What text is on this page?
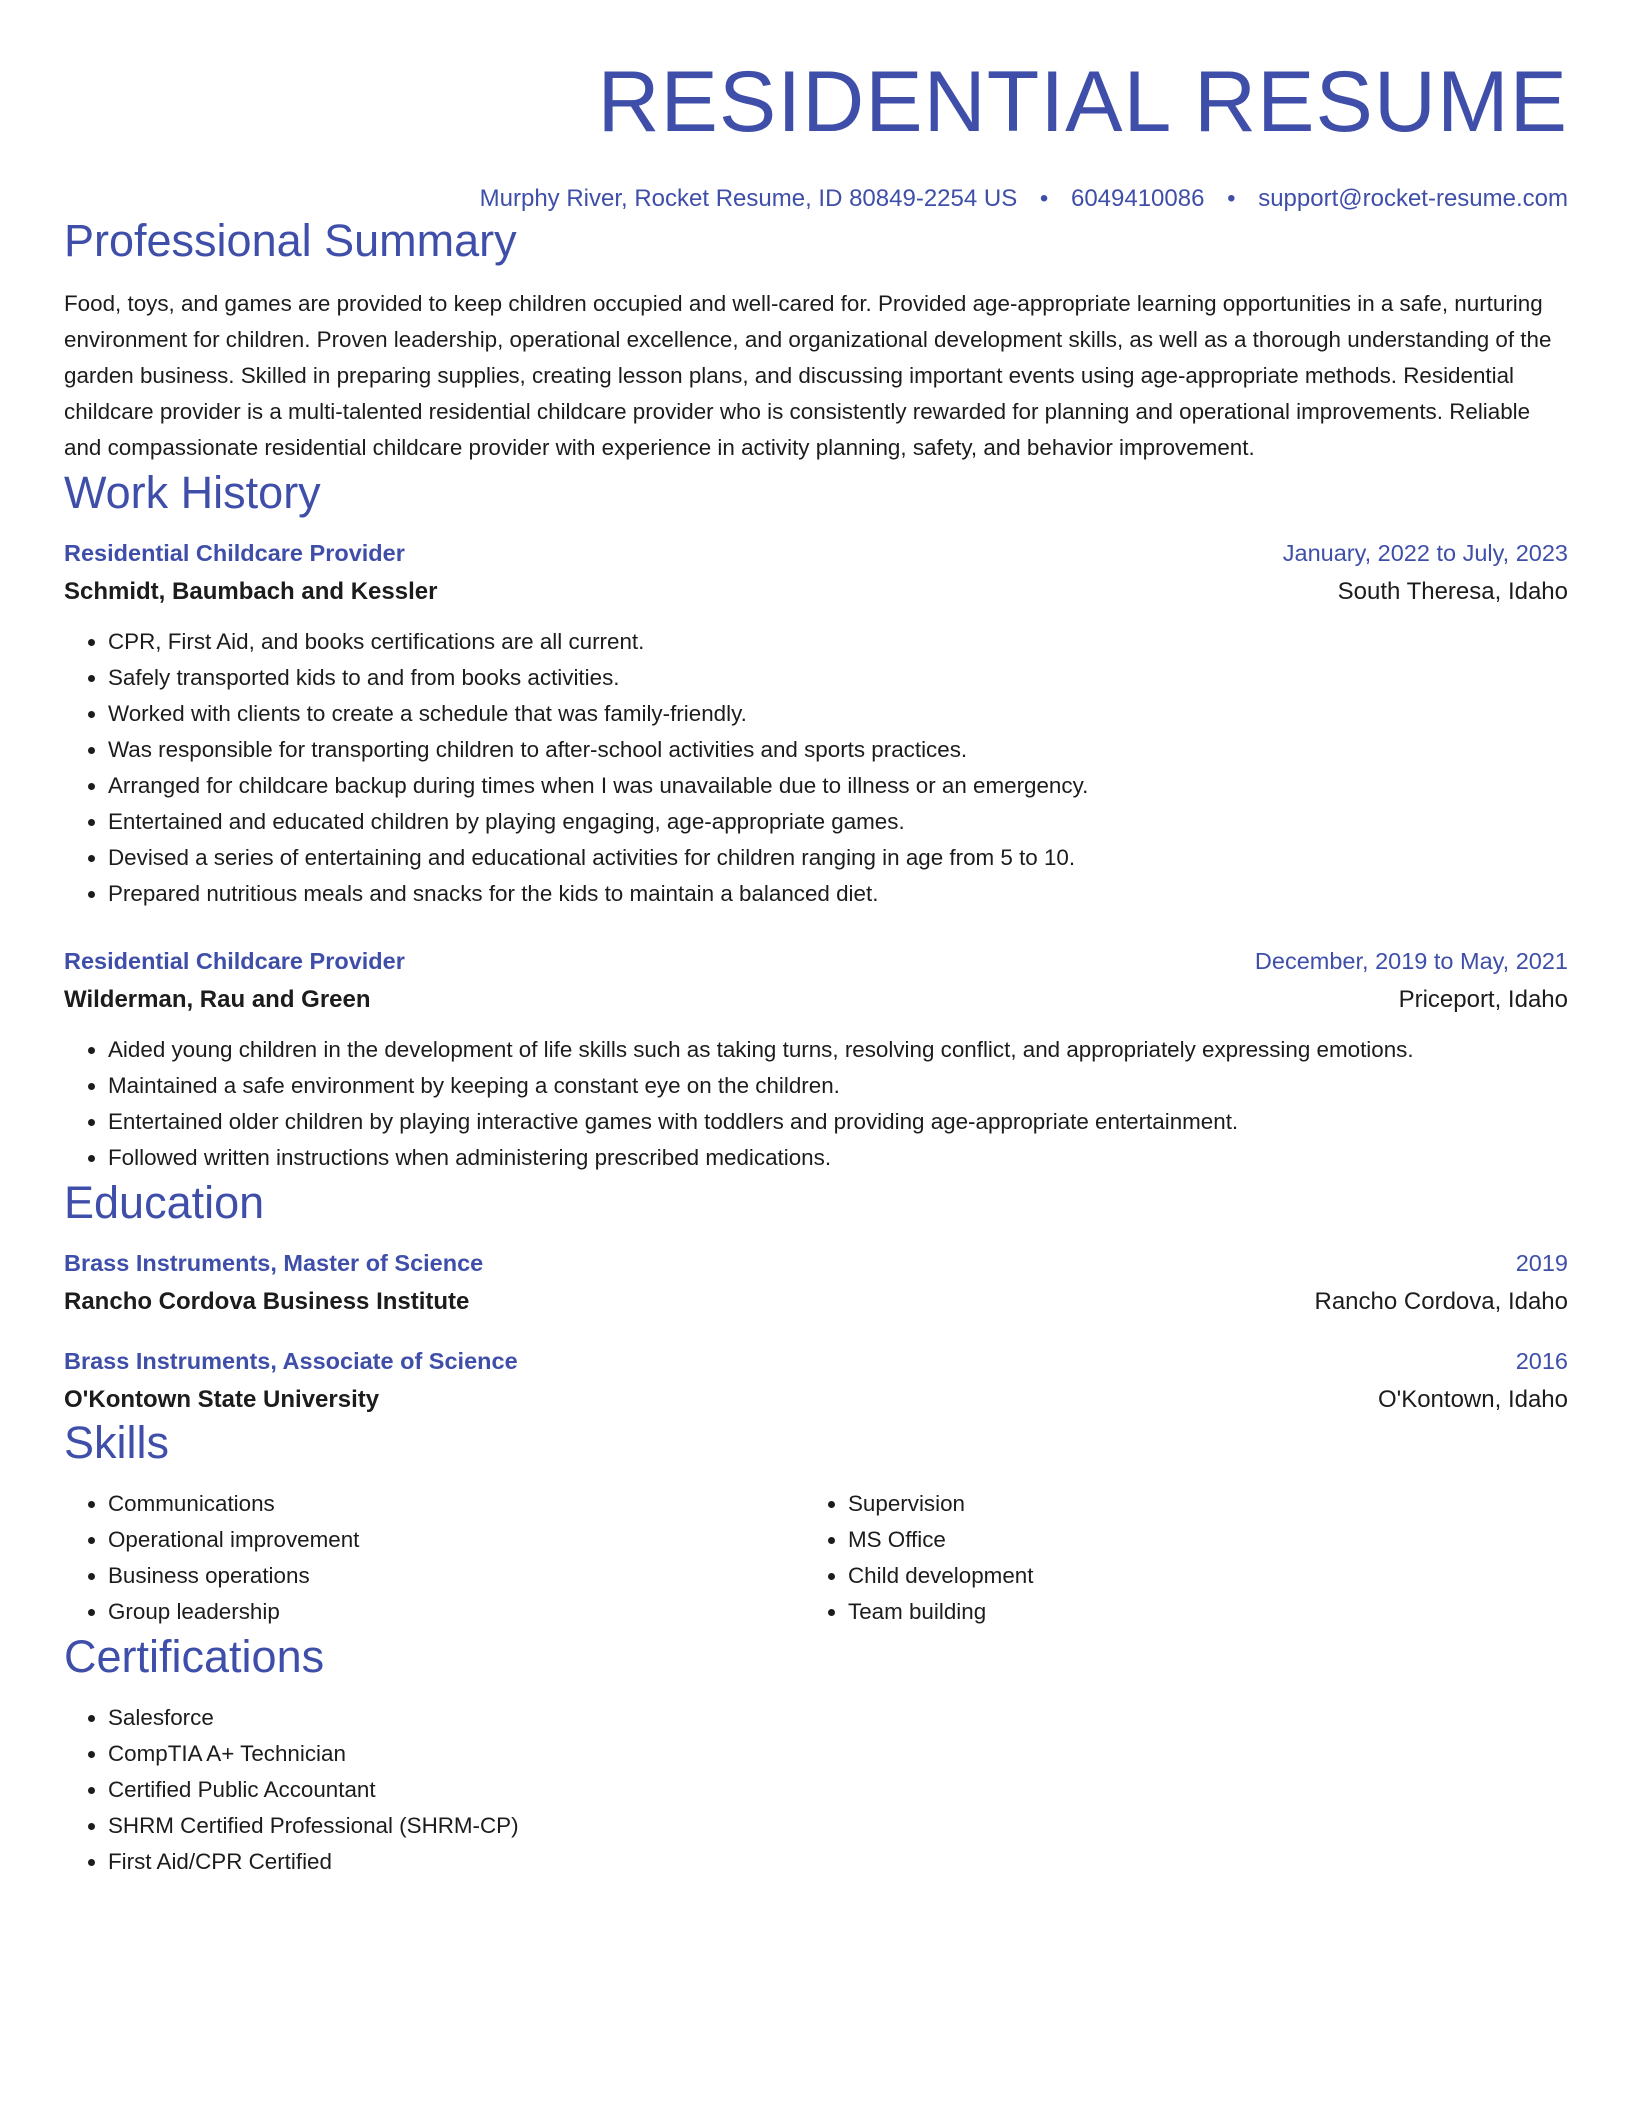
RESIDENTIAL RESUME
Murphy River, Rocket Resume, ID 80849-2254 US • 6049410086 • support@rocket-resume.com
Professional Summary

Food, toys, and games are provided to keep children occupied and well-cared for. Provided age-appropriate learning opportunities in a safe, nurturing environment for children. Proven leadership, operational excellence, and organizational development skills, as well as a thorough understanding of the garden business. Skilled in preparing supplies, creating lesson plans, and discussing important events using age-appropriate methods. Residential childcare provider is a multi-talented residential childcare provider who is consistently rewarded for planning and operational improvements. Reliable and compassionate residential childcare provider with experience in activity planning, safety, and behavior improvement.

Work History
Residential Childcare Provider	January, 2022 to July, 2023
Schmidt, Baumbach and Kessler	South Theresa, Idaho
• CPR, First Aid, and books certifications are all current.
• Safely transported kids to and from books activities.
• Worked with clients to create a schedule that was family-friendly.
• Was responsible for transporting children to after-school activities and sports practices.
• Arranged for childcare backup during times when I was unavailable due to illness or an emergency.
• Entertained and educated children by playing engaging, age-appropriate games.
• Devised a series of entertaining and educational activities for children ranging in age from 5 to 10.
• Prepared nutritious meals and snacks for the kids to maintain a balanced diet.
Residential Childcare Provider	December, 2019 to May, 2021
Wilderman, Rau and Green	Priceport, Idaho
• Aided young children in the development of life skills such as taking turns, resolving conflict, and appropriately expressing emotions.
• Maintained a safe environment by keeping a constant eye on the children.
• Entertained older children by playing interactive games with toddlers and providing age-appropriate entertainment.
• Followed written instructions when administering prescribed medications.
Education
Brass Instruments, Master of Science	2019
Rancho Cordova Business Institute	Rancho Cordova, Idaho
Brass Instruments, Associate of Science	2016
O'Kontown State University	O'Kontown, Idaho
Skills
• Communications
• Operational improvement
• Business operations
• Group leadership
• Supervision
• MS Office
• Child development
• Team building
Certifications
• Salesforce
• CompTIA A+ Technician
• Certified Public Accountant
• SHRM Certified Professional (SHRM-CP)
• First Aid/CPR Certified
